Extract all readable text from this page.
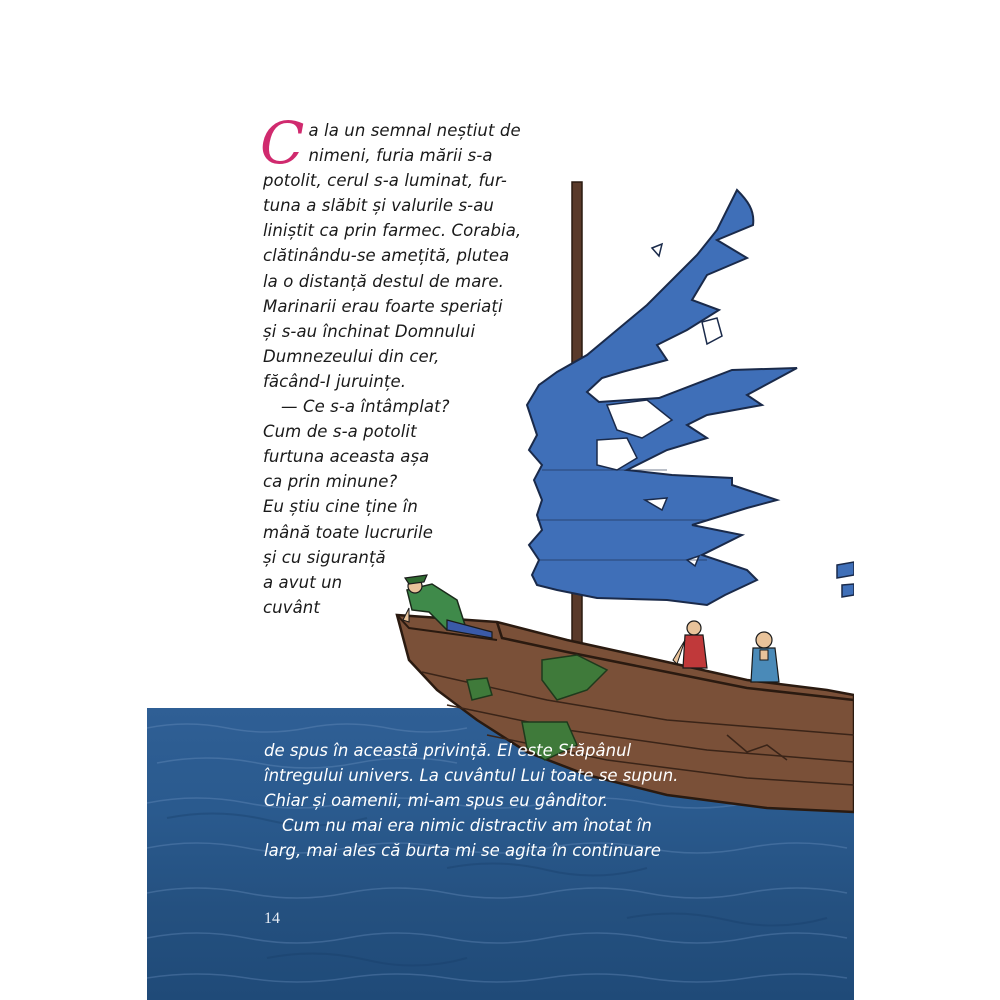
C a la un semnal neștiut de
nimeni, furia mării s-a
potolit, cerul s-a luminat, fur-
tuna a slăbit și valurile s-au
liniștit ca prin farmec. Corabia,
clătinându-se amețită, plutea
la o distanță destul de mare.
Marinarii erau foarte speriați
și s-au închinat Domnului
Dumnezeului din cer,
făcând-I juruințe.
— Ce s-a întâmplat?
Cum de s-a potolit
furtuna aceasta așa
ca prin minune?
Eu știu cine ține în
mână toate lucrurile
și cu siguranță
a avut un
cuvânt
de spus în această privință. El este Stăpânul
întregului univers. La cuvântul Lui toate se supun.
Chiar și oamenii, mi-am spus eu gânditor.
Cum nu mai era nimic distractiv am înotat în
larg, mai ales că burta mi se agita în continuare
14
